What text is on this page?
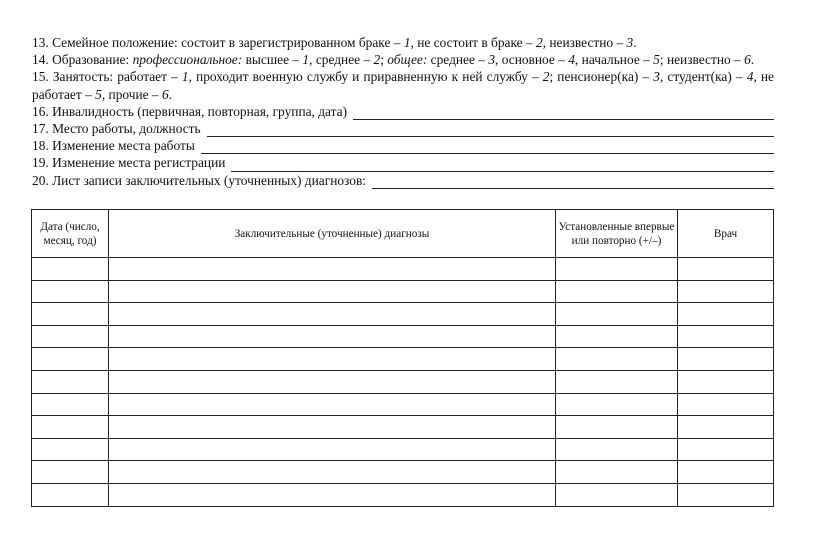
13. Семейное положение: состоит в зарегистрированном браке – 1, не состоит в браке – 2, неизвестно – 3.
14. Образование: профессиональное: высшее – 1, среднее – 2; общее: среднее – 3, основное – 4, начальное – 5; неизвестно – 6.
15. Занятость: работает – 1, проходит военную службу и приравненную к ней службу – 2; пенсионер(ка) – 3, студент(ка) – 4, не работает – 5, прочие – 6.
16. Инвалидность (первичная, повторная, группа, дата)
17. Место работы, должность
18. Изменение места работы
19. Изменение места регистрации
20. Лист записи заключительных (уточненных) диагнозов:
Дата (число, месяц, год)	Заключительные (уточненные) диагнозы	Установленные впервые или повторно (+/–)	Врач
